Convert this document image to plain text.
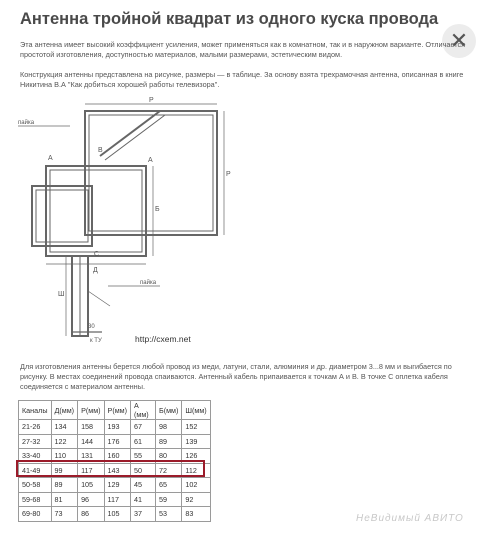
Антенна тройной квадрат из одного куска провода
✕
Эта антенна имеет высокий коэффициент усиления, может применяться как в комнатном, так и в наружном варианте. Отличается простотой изготовления, доступностью материалов, малыми размерами, эстетическим видом.
Конструкция антенны представлена на рисунке, размеры — в таблице. За основу взята трехрамочная антенна, описанная в книге Никитина В.А "Как добиться хорошей работы телевизора".
P
P
Б
Д
A	A
В
C
Ш
30
к ТУ
пайка
пайка
http://cxem.net
Для изготовления антенны берется любой провод из меди, латуни, стали, алюминия и др. диаметром 3...8 мм и выгибается по рисунку. В местах соединений провода спаиваются. Антенный кабель припаивается к точкам А и В. В точке С оплетка кабеля соединяется с материалом антенны.
Каналы	Д(мм)	Р(мм)	Р(мм)	А (мм)	Б(мм)	Ш(мм)
21-26	134	158	193	67	98	152
27-32	122	144	176	61	89	139
33-40	110	131	160	55	80	126
41-49	99	117	143	50	72	112
50-58	89	105	129	45	65	102
59-68	81	96	117	41	59	92
69-80	73	86	105	37	53	83	НеВидимый АВИТО
